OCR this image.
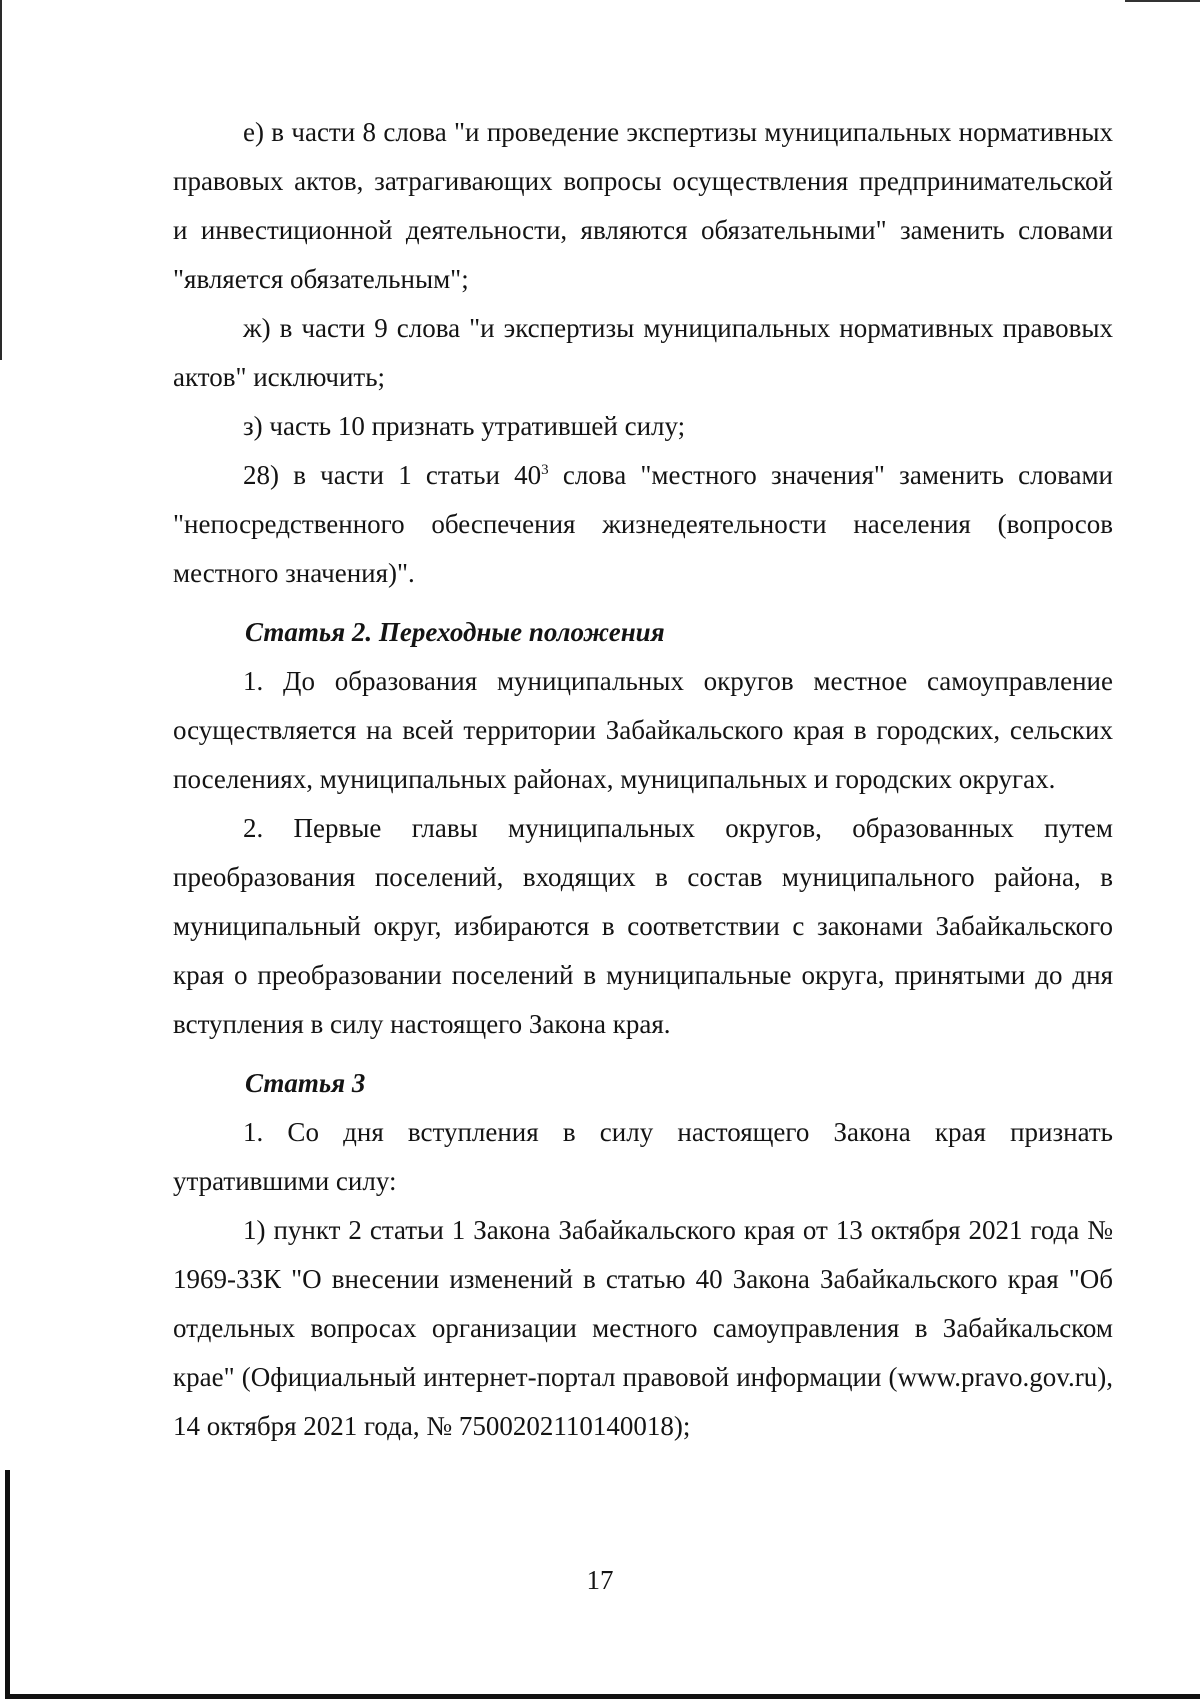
е) в части 8 слова "и проведение экспертизы муниципальных нормативных правовых актов, затрагивающих вопросы осуществления предпринимательской и инвестиционной деятельности, являются обязательными" заменить словами "является обязательным";

ж) в части 9 слова "и экспертизы муниципальных нормативных правовых актов" исключить;

з) часть 10 признать утратившей силу;

28) в части 1 статьи $40^3$ слова "местного значения" заменить словами "непосредственного обеспечения жизнедеятельности населения (вопросов местного значения)".

Статья 2. Переходные положения

1. До образования муниципальных округов местное самоуправление осуществляется на всей территории Забайкальского края в городских, сельских поселениях, муниципальных районах, муниципальных и городских округах.

2. Первые главы муниципальных округов, образованных путем преобразования поселений, входящих в состав муниципального района, в муниципальный округ, избираются в соответствии с законами Забайкальского края о преобразовании поселений в муниципальные округа, принятыми до дня вступления в силу настоящего Закона края.

Статья 3

1. Со дня вступления в силу настоящего Закона края признать утратившими силу:

1) пункт 2 статьи 1 Закона Забайкальского края от 13 октября 2021 года № 1969-ЗЗК "О внесении изменений в статью 40 Закона Забайкальского края "Об отдельных вопросах организации местного самоуправления в Забайкальском крае" (Официальный интернет-портал правовой информации (www.pravo.gov.ru), 14 октября 2021 года, № 7500202110140018);

17
